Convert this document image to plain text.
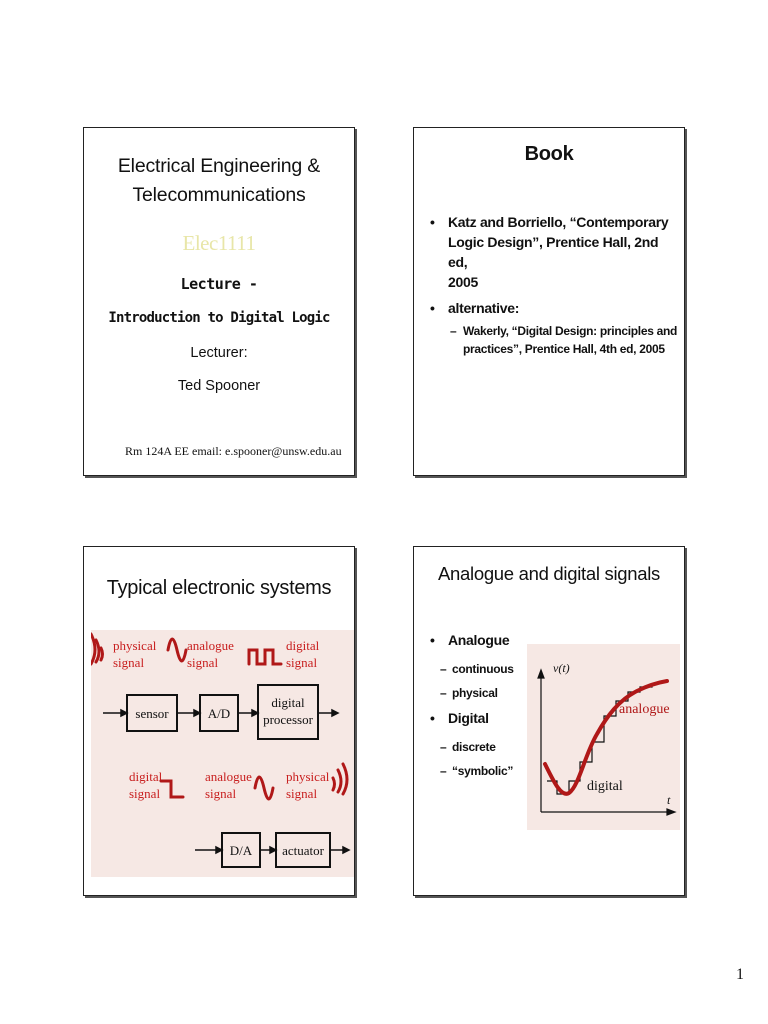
Electrical Engineering &
Telecommunications
Elec1111
Lecture -
Introduction to Digital Logic
Lecturer:
Ted Spooner
Rm 124A EE email: e.spooner@unsw.edu.au
Book
• Katz and Borriello, “Contemporary
Logic Design”, Prentice Hall, 2nd ed,
2005
• alternative:
– Wakerly, “Digital Design: principles and
practices”, Prentice Hall, 4th ed, 2005
Typical electronic systems
physical
signal
analogue
signal
digital
signal
digital
signal
analogue
signal
physical
signal
sensor	A/D
digital
processor
D/A actuator
Analogue and digital signals
• Analogue
– continuous
– physical
• Digital
– discrete
– “symbolic”
v(t)
t
analogue
digital
1
